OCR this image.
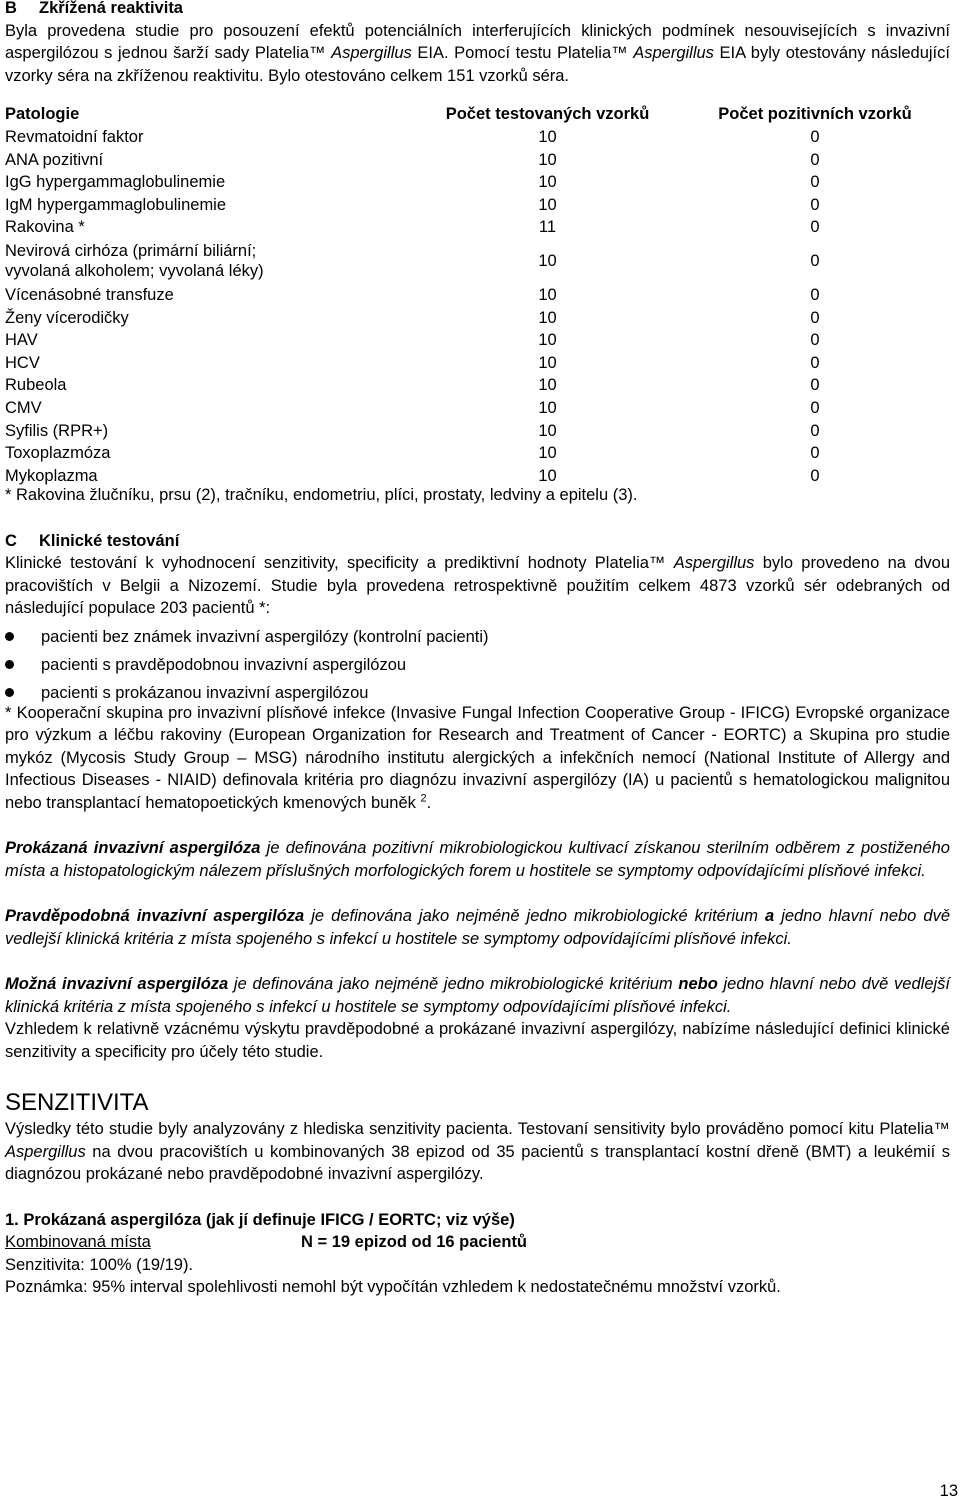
B Zkřížená reaktivita

Byla provedena studie pro posouzení efektů potenciálních interferujících klinických podmínek nesouvisejících s invazivní aspergilózou s jednou šarží sady Platelia™ Aspergillus EIA. Pomocí testu Platelia™ Aspergillus EIA byly otestovány následující vzorky séra na zkříženou reaktivitu. Bylo otestováno celkem 151 vzorků séra.

Patologie	Počet testovaných vzorků	Počet pozitivních vzorků
Revmatoidní faktor	10	0
ANA pozitivní	10	0
IgG hypergammaglobulinemie	10	0
IgM hypergammaglobulinemie	10	0
Rakovina *	11	0

Nevirová cirhóza (primární biliární;
vyvolaná alkoholem; vyvolaná léky)	10	0
Vícenásobné transfuze	10	0
Ženy vícerodičky	10	0
HAV	10	0
HCV	10	0
Rubeola	10	0
CMV	10	0
Syfilis (RPR+)	10	0
Toxoplazmóza	10	0
Mykoplazma	10	0

* Rakovina žlučníku, prsu (2), tračníku, endometriu, plíci, prostaty, ledviny a epitelu (3).

C Klinické testování

Klinické testování k vyhodnocení senzitivity, specificity a prediktivní hodnoty Platelia™ Aspergillus bylo provedeno na dvou pracovištích v Belgii a Nizozemí. Studie byla provedena retrospektivně použitím celkem 4873 vzorků sér odebraných od následující populace 203 pacientů *:

pacienti bez známek invazivní aspergilózy (kontrolní pacienti)
pacienti s pravděpodobnou invazivní aspergilózou
pacienti s prokázanou invazivní aspergilózou

* Kooperační skupina pro invazivní plísňové infekce (Invasive Fungal Infection Cooperative Group - IFICG) Evropské organizace pro výzkum a léčbu rakoviny (European Organization for Research and Treatment of Cancer - EORTC) a Skupina pro studie mykóz (Mycosis Study Group – MSG) národního institutu alergických a infekčních nemocí (National Institute of Allergy and Infectious Diseases - NIAID) definovala kritéria pro diagnózu invazivní aspergilózy (IA) u pacientů s hematologickou malignitou nebo transplantací hematopoetických kmenových buněk $^2$.

Prokázaná invazivní aspergilóza je definována pozitivní mikrobiologickou kultivací získanou sterilním odběrem z postiženého místa a histopatologickým nálezem příslušných morfologických forem u hostitele se symptomy odpovídajícími plísňové infekci.

Pravděpodobná invazivní aspergilóza je definována jako nejméně jedno mikrobiologické kritérium a jedno hlavní nebo dvě vedlejší klinická kritéria z místa spojeného s infekcí u hostitele se symptomy odpovídajícími plísňové infekci.

Možná invazivní aspergilóza je definována jako nejméně jedno mikrobiologické kritérium nebo jedno hlavní nebo dvě vedlejší klinická kritéria z místa spojeného s infekcí u hostitele se symptomy odpovídajícími plísňové infekci.

Vzhledem k relativně vzácnému výskytu pravděpodobné a prokázané invazivní aspergilózy, nabízíme následující definici klinické senzitivity a specificity pro účely této studie.

SENZITIVITA

Výsledky této studie byly analyzovány z hlediska senzitivity pacienta. Testovaní sensitivity bylo prováděno pomocí kitu Platelia™ Aspergillus na dvou pracovištích u kombinovaných 38 epizod od 35 pacientů s transplantací kostní dřeně (BMT) a leukémií s diagnózou prokázané nebo pravděpodobné invazivní aspergilózy.

1. Prokázaná aspergilóza (jak jí definuje IFICG / EORTC; viz výše)

Kombinovaná místa	N = 19 epizod od 16 pacientů

Senzitivita: 100% (19/19).

Poznámka: 95% interval spolehlivosti nemohl být vypočítán vzhledem k nedostatečnému množství vzorků.

13
